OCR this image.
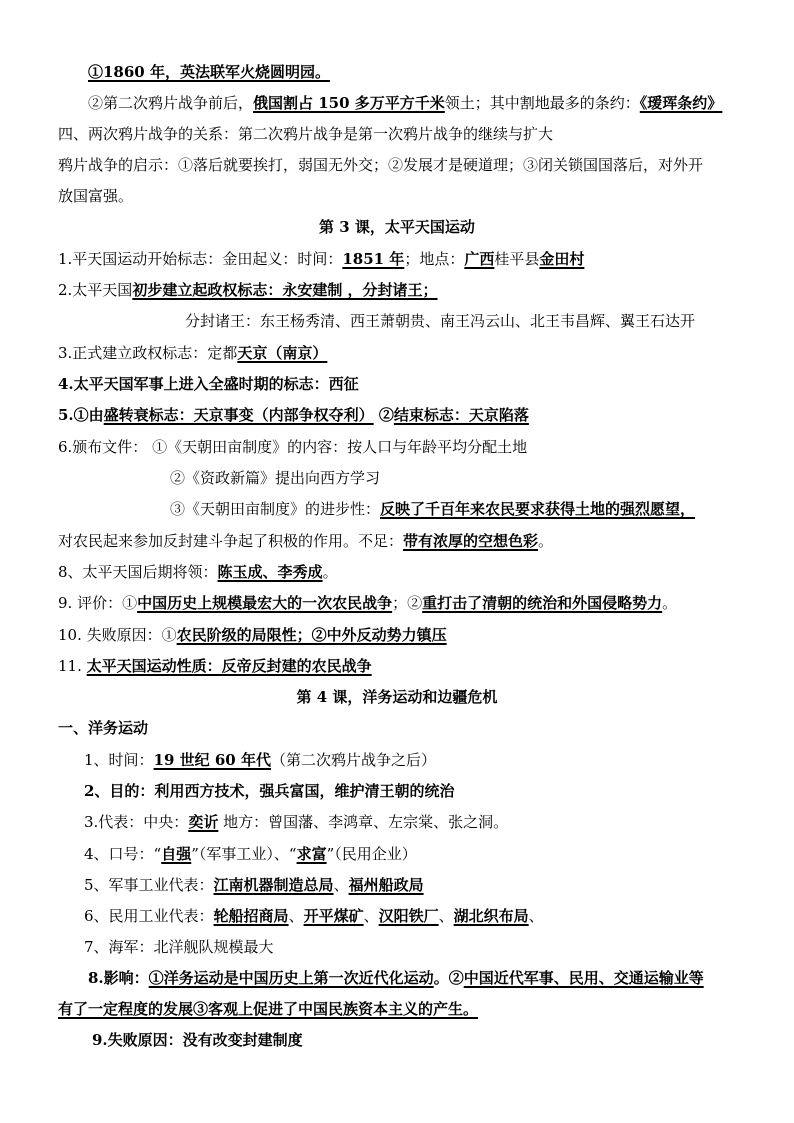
①1860 年，英法联军火烧圆明园。
②第二次鸦片战争前后，俄国割占 150 多万平方千米领土；其中割地最多的条约：《瑷珲条约》
四、两次鸦片战争的关系：第二次鸦片战争是第一次鸦片战争的继续与扩大
鸦片战争的启示：①落后就要挨打，弱国无外交；②发展才是硬道理；③闭关锁国国落后，对外开
放国富强。
第 3 课，太平天国运动
1.平天国运动开始标志：金田起义：时间：1851 年；地点：广西桂平县金田村
2.太平天国初步建立起政权标志：永安建制 ，分封诸王；
分封诸王：东王杨秀清、西王萧朝贵、南王冯云山、北王韦昌辉、翼王石达开
3.正式建立政权标志：定都天京（南京）
4.太平天国军事上进入全盛时期的标志：西征
5.①由盛转衰标志：天京事变（内部争权夺利） ②结束标志：天京陷落
6.颁布文件： ①《天朝田亩制度》的内容：按人口与年龄平均分配土地
②《资政新篇》提出向西方学习
③《天朝田亩制度》的进步性：反映了千百年来农民要求获得土地的强烈愿望，
对农民起来参加反封建斗争起了积极的作用。不足：带有浓厚的空想色彩。
8、太平天国后期将领：陈玉成、李秀成。
9. 评价：①中国历史上规模最宏大的一次农民战争；②重打击了清朝的统治和外国侵略势力。
10. 失败原因：①农民阶级的局限性；②中外反动势力镇压
11. 太平天国运动性质：反帝反封建的农民战争
第 4 课，洋务运动和边疆危机
一、洋务运动
1、时间：19 世纪 60 年代（第二次鸦片战争之后）
2、目的：利用西方技术，强兵富国，维护清王朝的统治
3.代表：中央：奕䜣 地方：曾国藩、李鸿章、左宗棠、张之洞。
4、口号：“自强”（军事工业）、“求富”（民用企业）
5、军事工业代表：江南机器制造总局、福州船政局
6、民用工业代表：轮船招商局、开平煤矿、汉阳铁厂、湖北织布局、
7、海军：北洋舰队规模最大
8.影响：①洋务运动是中国历史上第一次近代化运动。②中国近代军事、民用、交通运输业等
有了一定程度的发展③客观上促进了中国民族资本主义的产生。
9.失败原因：没有改变封建制度
